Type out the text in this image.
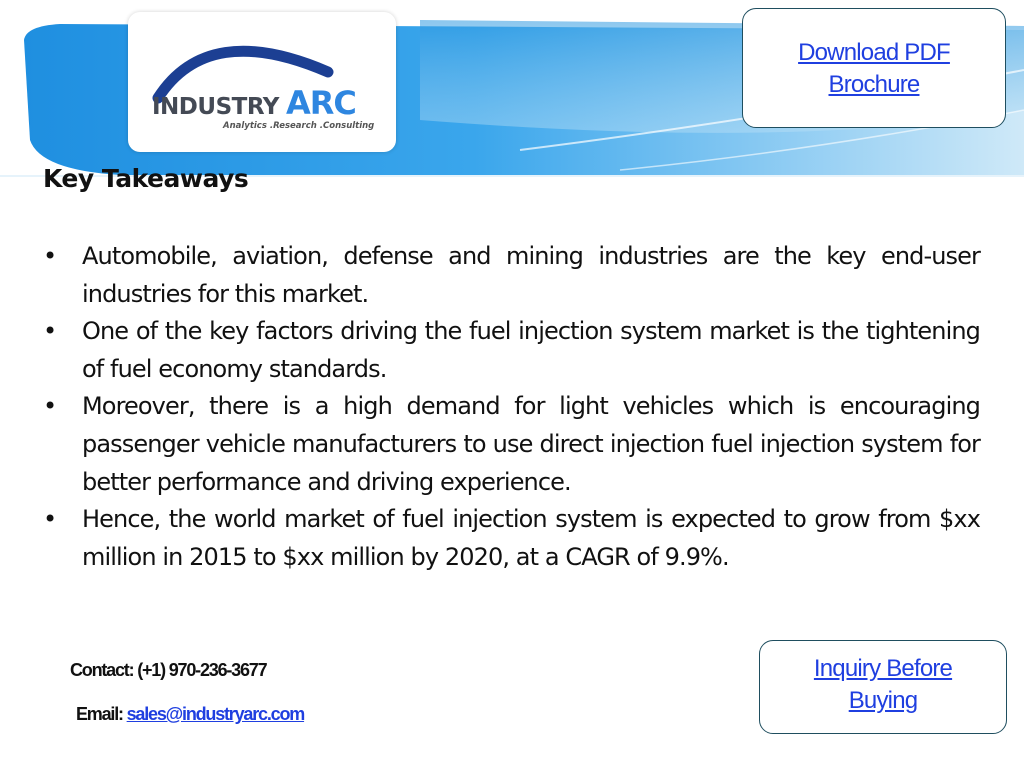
INDUSTRY ARC
Analytics .Research .Consulting
Download PDF
Brochure
Key Takeaways
• Automobile, aviation, defense and mining industries are the key end-user industries for this market.
• One of the key factors driving the fuel injection system market is the tightening of fuel economy standards.
• Moreover, there is a high demand for light vehicles which is encouraging passenger vehicle manufacturers to use direct injection fuel injection system for better performance and driving experience.
• Hence, the world market of fuel injection system is expected to grow from $xx million in 2015 to $xx million by 2020, at a CAGR of 9.9%.
Contact: (+1) 970-236-3677
Email: sales@industryarc.com
Inquiry Before
Buying
